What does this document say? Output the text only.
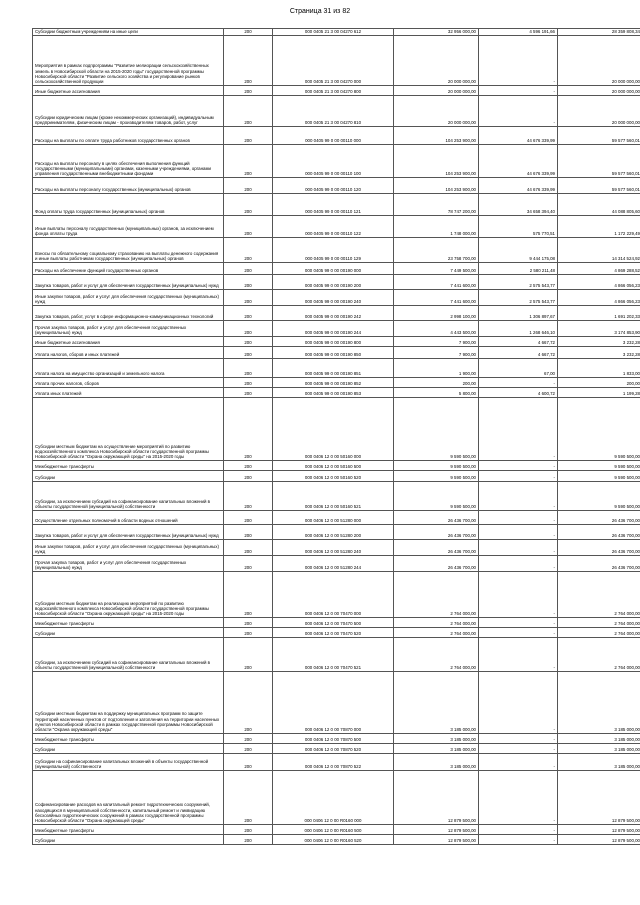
Страница 31 из 82
Субсидии бюджетным учреждениям на иные цели	200	000 0405 21 3 00 04270 612	32 956 000,00	4 596 191,66	28 359 808,34
Мероприятия в рамках подпрограммы "Развитие мелиорации сельскохозяйственных земель в Новосибирской области на 2015-2020 годы" государственной программы Новосибирской области "Развитие сельского хозяйства и регулирование рынков сельскохозяйственной продукции	200	000 0405 21 3 00 04270 000	20 000 000,00	-	20 000 000,00
Иные бюджетные ассигнования	200	000 0405 21 3 00 04270 800	20 000 000,00	-	20 000 000,00
Субсидии юридическим лицам (кроме некоммерческих организаций), индивидуальным предпринимателям, физическим лицам - производителям товаров, работ, услуг	200	000 0405 21 3 00 04270 810	20 000 000,00	-	20 000 000,00
Расходы на выплаты по оплате труда работников государственных органов	200	000 0405 99 0 00 00110 000	104 253 900,00	44 676 339,99	59 577 560,01
Расходы на выплаты персоналу в целях обеспечения выполнения функций государственными (муниципальными) органами, казенными учреждениями, органами управления государственными внебюджетными фондами	200	000 0405 99 0 00 00110 100	104 253 900,00	44 676 339,99	59 577 560,01
Расходы на выплаты персоналу государственных (муниципальных) органов	200	000 0405 99 0 00 00110 120	104 253 900,00	44 676 339,99	59 577 560,01
Фонд оплаты труда государственных (муниципальных) органов	200	000 0405 99 0 00 00110 121	78 747 200,00	34 658 394,40	44 088 805,60
Иные выплаты персоналу государственных (муниципальных) органов, за исключением фонда оплаты труда	200	000 0405 99 0 00 00110 122	1 748 000,00	575 770,51	1 172 229,49
Взносы по обязательному социальному страхованию на выплаты денежного содержания и иные выплаты работникам государственных (муниципальных) органов	200	000 0405 99 0 00 00110 129	23 758 700,00	9 444 175,08	14 314 524,92
Расходы на обеспечение функций государственных органов	200	000 0405 99 0 00 00190 000	7 449 500,00	2 580 211,48	4 869 288,52
Закупка товаров, работ и услуг для обеспечения государственных (муниципальных) нужд	200	000 0405 99 0 00 00190 200	7 441 600,00	2 575 543,77	4 866 056,23
Иные закупки товаров, работ и услуг для обеспечения государственных (муниципальных) нужд	200	000 0405 99 0 00 00190 240	7 441 600,00	2 575 543,77	4 866 056,23
Закупка товаров, работ, услуг в сфере информационно-коммуникационных технологий	200	000 0405 99 0 00 00190 242	2 998 100,00	1 306 897,67	1 691 202,33
Прочая закупка товаров, работ и услуг для обеспечения государственных (муниципальных) нужд	200	000 0405 99 0 00 00190 244	4 443 500,00	1 268 646,10	3 174 853,90
Иные бюджетные ассигнования	200	000 0405 99 0 00 00190 800	7 900,00	4 667,72	3 232,28
Уплата налогов, сборов и иных платежей	200	000 0405 99 0 00 00190 850	7 900,00	4 667,72	3 232,28
Уплата налога на имущество организаций и земельного налога	200	000 0405 99 0 00 00190 851	1 900,00	67,00	1 833,00
Уплата прочих налогов, сборов	200	000 0405 99 0 00 00190 852	200,00	-	200,00
Уплата иных платежей	200	000 0405 99 0 00 00190 853	5 800,00	4 600,72	1 199,28
Субсидии местным бюджетам на осуществление мероприятий по развитию водохозяйственного комплекса Новосибирской области государственной программы Новосибирской области "Охрана окружающей среды" на 2015-2020 годы	200	000 0406 12 0 00 50160 000	9 590 500,00	-	9 590 500,00
Межбюджетные трансферты	200	000 0406 12 0 00 50160 500	9 590 500,00	-	9 590 500,00
Субсидии	200	000 0406 12 0 00 50160 520	9 590 500,00	-	9 590 500,00
Субсидии, за исключением субсидий на софинансирование капитальных вложений в объекты государственной (муниципальной) собственности	200	000 0406 12 0 00 50160 521	9 590 500,00	-	9 590 500,00
Осуществление отдельных полномочий в области водных отношений	200	000 0406 12 0 00 51280 000	26 436 700,00	-	26 436 700,00
Закупка товаров, работ и услуг для обеспечения государственных (муниципальных) нужд	200	000 0406 12 0 00 51280 200	26 436 700,00	-	26 436 700,00
Иные закупки товаров, работ и услуг для обеспечения государственных (муниципальных) нужд	200	000 0406 12 0 00 51280 240	26 436 700,00	-	26 436 700,00
Прочая закупка товаров, работ и услуг для обеспечения государственных (муниципальных) нужд	200	000 0406 12 0 00 51280 244	26 436 700,00	-	26 436 700,00
Субсидии местным бюджетам на реализацию мероприятий по развитию водохозяйственного комплекса Новосибирской области государственной программы Новосибирской области "Охрана окружающей среды" на 2015-2020 годы	200	000 0406 12 0 00 70470 000	2 764 000,00	-	2 764 000,00
Межбюджетные трансферты	200	000 0406 12 0 00 70470 500	2 764 000,00	-	2 764 000,00
Субсидии	200	000 0406 12 0 00 70470 520	2 764 000,00	-	2 764 000,00
Субсидии, за исключением субсидий на софинансирование капитальных вложений в объекты государственной (муниципальной) собственности	200	000 0406 12 0 00 70470 521	2 764 000,00	-	2 764 000,00
Субсидии местным бюджетам на поддержку муниципальных программ по защите территорий населенных пунктов от подтопления и затопления на территории населенных пунктов Новосибирской области в рамках государственной программы Новосибирской области "Охрана окружающей среды"	200	000 0406 12 0 00 70870 000	3 185 000,00	-	3 185 000,00
Межбюджетные трансферты	200	000 0406 12 0 00 70870 500	3 185 000,00	-	3 185 000,00
Субсидии	200	000 0406 12 0 00 70870 520	3 185 000,00	-	3 185 000,00
Субсидии на софинансирование капитальных вложений в объекты государственной (муниципальной) собственности	200	000 0406 12 0 00 70870 522	3 185 000,00	-	3 185 000,00
Софинансирование расходов на капитальный ремонт гидротехнических сооружений, находящихся в муниципальной собственности, капитальный ремонт и ликвидацию бесхозяйных гидротехнических сооружений в рамках государственной программы Новосибирской области "Охрана окружающей среды"	200	000 0406 12 0 00 R0160 000	12 879 500,00	-	12 879 500,00
Межбюджетные трансферты	200	000 0406 12 0 00 R0160 500	12 879 500,00	-	12 879 500,00
Субсидии	200	000 0406 12 0 00 R0160 520	12 879 500,00	-	12 879 500,00
